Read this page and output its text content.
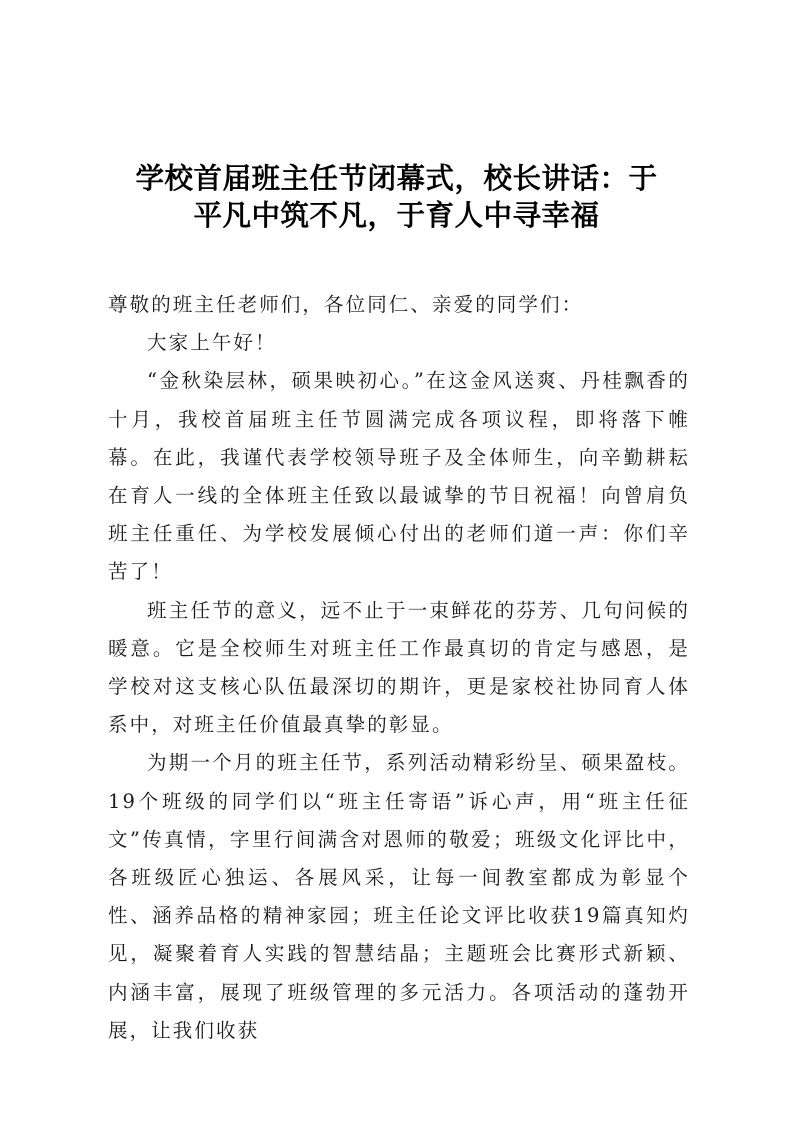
学校首届班主任节闭幕式，校长讲话：于
平凡中筑不凡，于育人中寻幸福

尊敬的班主任老师们，各位同仁、亲爱的同学们：

大家上午好！

“金秋染层林，硕果映初心。”在这金风送爽、丹桂飘香的十月，我校首届班主任节圆满完成各项议程，即将落下帷幕。在此，我谨代表学校领导班子及全体师生，向辛勤耕耘在育人一线的全体班主任致以最诚挚的节日祝福！向曾肩负班主任重任、为学校发展倾心付出的老师们道一声：你们辛苦了！

班主任节的意义，远不止于一束鲜花的芬芳、几句问候的暖意。它是全校师生对班主任工作最真切的肯定与感恩，是学校对这支核心队伍最深切的期许，更是家校社协同育人体系中，对班主任价值最真挚的彰显。

为期一个月的班主任节，系列活动精彩纷呈、硕果盈枝。19个班级的同学们以“班主任寄语”诉心声，用“班主任征文”传真情，字里行间满含对恩师的敬爱；班级文化评比中，各班级匠心独运、各展风采，让每一间教室都成为彰显个性、涵养品格的精神家园；班主任论文评比收获19篇真知灼见，凝聚着育人实践的智慧结晶；主题班会比赛形式新颖、内涵丰富，展现了班级管理的多元活力。各项活动的蓬勃开展，让我们收获
